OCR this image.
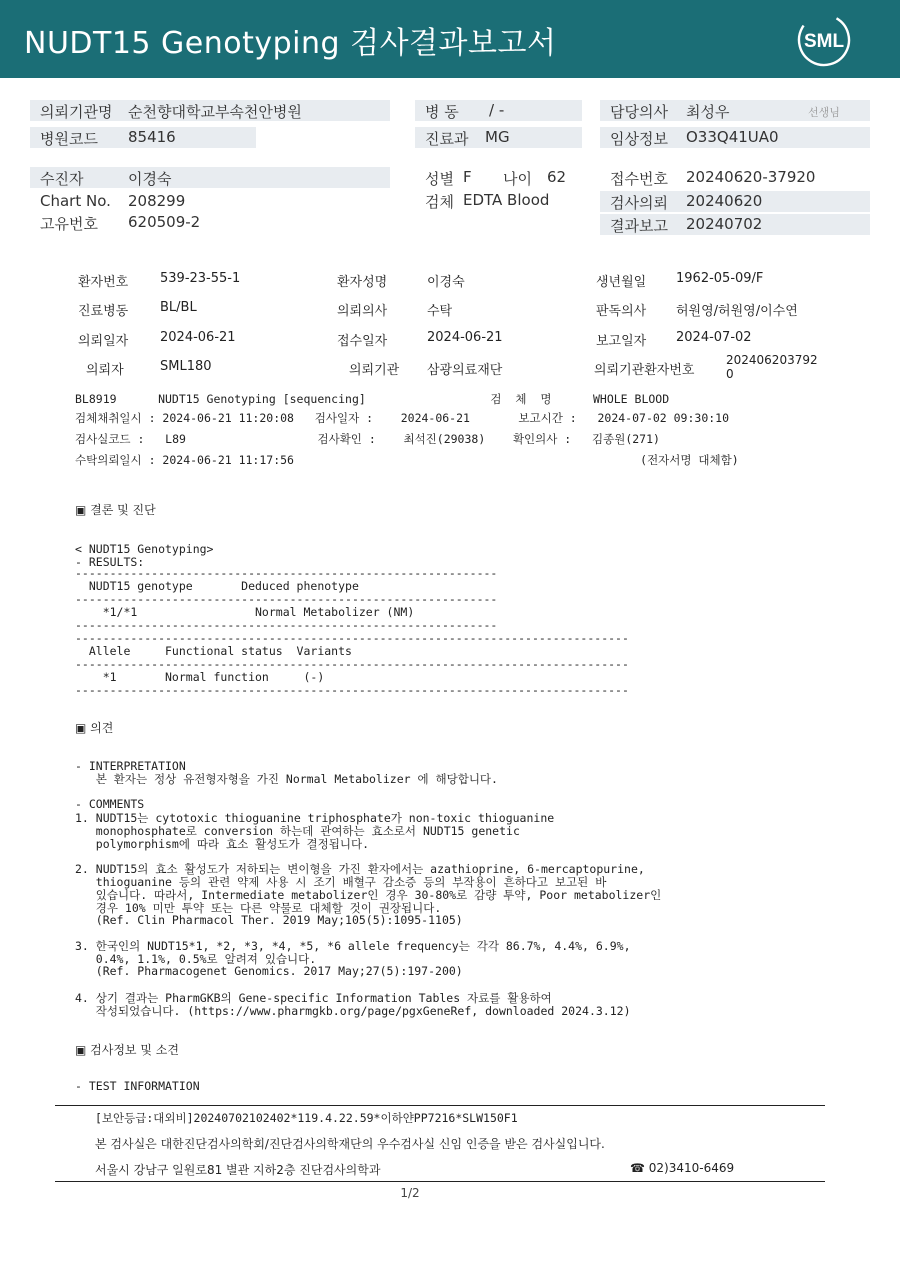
NUDT15 Genotyping 검사결과보고서	SML
의뢰기관명 순천향대학교부속천안병원
병원코드 85416
병 동 / -
진료과 MG
담당의사 최성우	선생님
임상정보 O33Q41UA0
수진자	이경숙
Chart No. 208299
고유번호 620509-2
성별 F 나이 62
검체 EDTA Blood
접수번호 20240620-37920
검사의뢰 20240620
결과보고 20240702
환자번호 539-23-55-1	환자성명	이경숙	생년월일 1962-05-09/F
진료병동 BL/BL	의뢰의사	수탁	판독의사 허원영/허원영/이수연
의뢰일자 2024-06-21	접수일자	2024-06-21	보고일자 2024-07-02
의뢰자	SML180	의뢰기관 삼광의료재단	의뢰기관환자번호
202406203792
0
BL8919      NUDT15 Genotyping [sequencing]                  검  체  명      WHOLE BLOOD
검체채취일시 : 2024-06-21 11:20:08   검사일자 :    2024-06-21       보고시간 :   2024-07-02 09:30:10
검사실코드 :   L89                   검사확인 :    최석진(29038)    확인의사 :   김종원(271)
수탁의뢰일시 : 2024-06-21 11:17:56                                                  (전자서명 대체함)
▣ 결론 및 진단
< NUDT15 Genotyping>
- RESULTS:
-------------------------------------------------------------
NUDT15 genotype       Deduced phenotype
-------------------------------------------------------------
*1/*1                 Normal Metabolizer (NM)
-------------------------------------------------------------
--------------------------------------------------------------------------------
Allele     Functional status  Variants
--------------------------------------------------------------------------------
*1       Normal function     (-)
--------------------------------------------------------------------------------
▣ 의견
- INTERPRETATION
본 환자는 정상 유전형자형을 가진 Normal Metabolizer 에 해당합니다.
- COMMENTS
1. NUDT15는 cytotoxic thioguanine triphosphate가 non-toxic thioguanine
monophosphate로 conversion 하는데 관여하는 효소로서 NUDT15 genetic
polymorphism에 따라 효소 활성도가 결정됩니다.
2. NUDT15의 효소 활성도가 저하되는 변이형을 가진 환자에서는 azathioprine, 6-mercaptopurine,
thioguanine 등의 관련 약제 사용 시 조기 배혈구 감소증 등의 부작용이 흔하다고 보고된 바
있습니다. 따라서, Intermediate metabolizer인 경우 30-80%로 감량 투약, Poor metabolizer인
경우 10% 미만 투약 또는 다른 약물로 대체할 것이 권장됩니다.
(Ref. Clin Pharmacol Ther. 2019 May;105(5):1095-1105)
3. 한국인의 NUDT15*1, *2, *3, *4, *5, *6 allele frequency는 각각 86.7%, 4.4%, 6.9%,
0.4%, 1.1%, 0.5%로 알려져 있습니다.
(Ref. Pharmacogenet Genomics. 2017 May;27(5):197-200)
4. 상기 결과는 PharmGKB의 Gene-specific Information Tables 자료를 활용하여
작성되었습니다. (https://www.pharmgkb.org/page/pgxGeneRef, downloaded 2024.3.12)
▣ 검사정보 및 소견
- TEST INFORMATION
[보안등급:대외비]20240702102402*119.4.22.59*이하얀PP7216*SLW150F1
본 검사실은 대한진단검사의학회/진단검사의학재단의 우수검사실 신임 인증을 받은 검사실입니다.
서울시 강남구 일원로81 별관 지하2층 진단검사의학과	☎ 02)3410-6469
1/2
